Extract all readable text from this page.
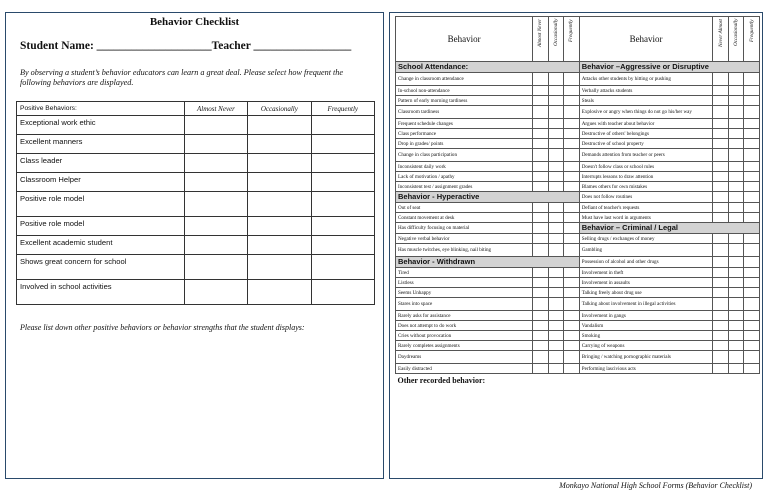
Behavior Checklist
Student Name: ____________________Teacher _________________
By observing a student’s behavior educators can learn a great deal. Please select how frequent the following behaviors are displayed.
Positive Behaviors:	Almost Never	Occasionally	Frequently
Exceptional work ethic			
Excellent manners			
Class leader			
Classroom Helper			
Positive role model			
Positive role model			
Excellent academic student			
Shows great concern for school			
Involved in school activities			
Please list down other positive behaviors or behavior strengths that the student displays:
Behavior	Almost Never	Occasionally	Frequently	Behavior	Never Almost	Occasionally	Frequently

School Attendance:				Behavior –Aggressive or Disruptive			
Change in classroom attendance				Attacks other students by hitting or pushing			
In-school non-attendance				Verbally attacks students			
Pattern of early morning tardiness				Steals			
Classroom tardiness				Explosive or angry when things do not go his/her way			
Frequent schedule changes				Argues with teacher about behavior			
Class performance				Destructive of others' belongings			
Drop in grades/ points				Destructive of school property			
Change in class participation				Demands attention from teacher or peers			
Inconsistent daily work				Doesn't follow class or school rules			
Lack of motivation / apathy				Interrupts lessons to draw attention			
Inconsistent test / assignment grades				Blames others for own mistakes			
Behavior - Hyperactive				Does not follow routines			
Out of seat				Defiant of teacher's requests			
Constant movement at desk				Must have last word in arguments			
Has difficulty focusing on material				Behavior – Criminal / Legal			
Negative verbal behavior				Selling drugs / exchanges of money			
Has muscle twitches, eye blinking, nail biting				Gambling			
Behavior - Withdrawn				Possession of alcohol and other drugs			
Tired				Involvement in theft			
Listless				Involvement in assaults			
Seems Unhappy				Talking freely about drug use			
Stares into space				Talking about involvement in illegal activities			
Rarely asks for assistance				Involvement in gangs			
Does not attempt to do work				Vandalism			
Cries without provocation				Smoking			
Rarely completes assignments				Carrying of weapons			
Daydreams				Bringing / watching pornographic materials			
Easily distracted				Performing lascivious acts			
Other recorded behavior:							
Monkayo National High School Forms (Behavior Checklist)
